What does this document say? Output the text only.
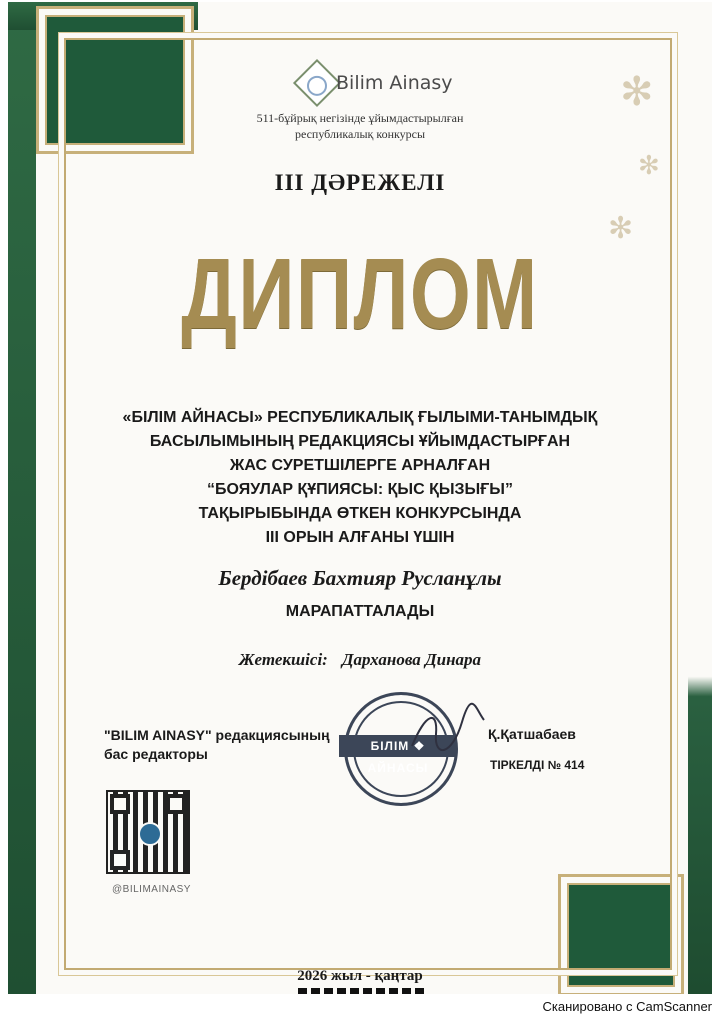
✻
✻
✻
Bilim Ainasy
511-бұйрық негізінде ұйымдастырылған
республикалық конкурсы
III ДӘРЕЖЕЛІ
ДИПЛОМ
«БІЛІМ АЙНАСЫ» РЕСПУБЛИКАЛЫҚ ҒЫЛЫМИ-ТАНЫМДЫҚ
БАСЫЛЫМЫНЫҢ РЕДАКЦИЯСЫ ҰЙЫМДАСТЫРҒАН
ЖАС СУРЕТШІЛЕРГЕ АРНАЛҒАН
“БОЯУЛАР ҚҰПИЯСЫ: ҚЫС ҚЫЗЫҒЫ”
ТАҚЫРЫБЫНДА ӨТКЕН КОНКУРСЫНДА
III ОРЫН АЛҒАНЫ ҮШІН
Бердібаев Бахтияр Русланұлы
МАРАПАТТАЛАДЫ
Жетекшісі: Дарханова Динара
"BILIM AINASY" редакциясының
бас редакторы
Қ.Қатшабаев
ТІРКЕЛДІ № 414
БІЛІМ ❖ АЙНАСЫ
@BILIMAINASY
2026 жыл - қаңтар
Сканировано с CamScanner
